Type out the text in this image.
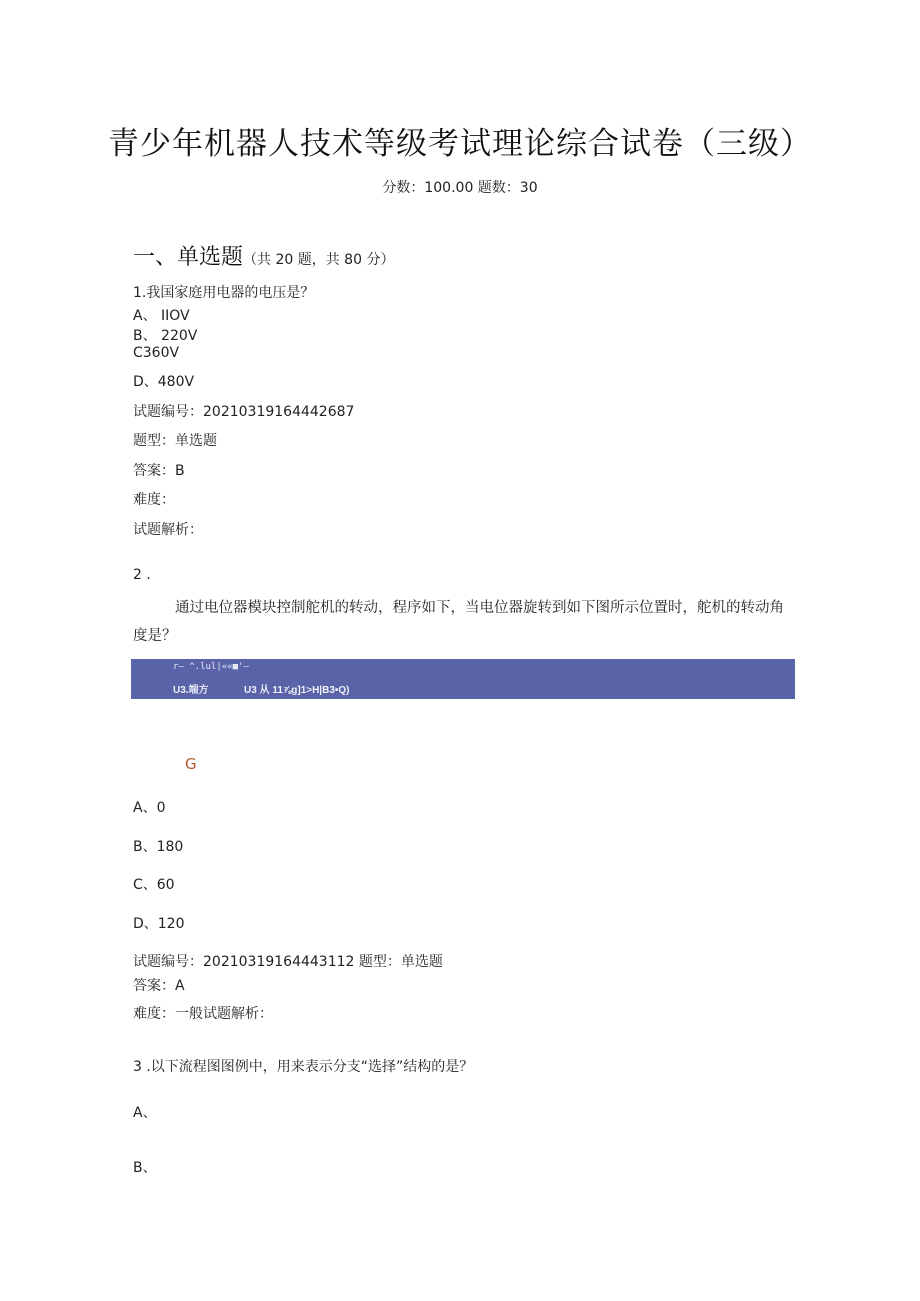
青少年机器人技术等级考试理论综合试卷（三级）
分数：100.00 题数：30
一、单选题（共 20 题，共 80 分）
1.我国家庭用电器的电压是？
A、 IIOV
B、 220V
C360V
D、480V
试题编号：20210319164442687
题型：单选题
答案：B
难度：
试题解析：
2 .
通过电位器模块控制舵机的转动，程序如下，当电位器旋转到如下图所示位置时，舵机的转动角度是？
r— ^.lul|««■'—
U3.端方	U3 从 11⅞g]1>H|B3•Q)
G
A、0
B、180
C、60
D、120
试题编号：20210319164443112 题型：单选题
答案：A
难度：一般试题解析：
3 .以下流程图图例中，用来表示分支“选择”结构的是？
A、
B、
